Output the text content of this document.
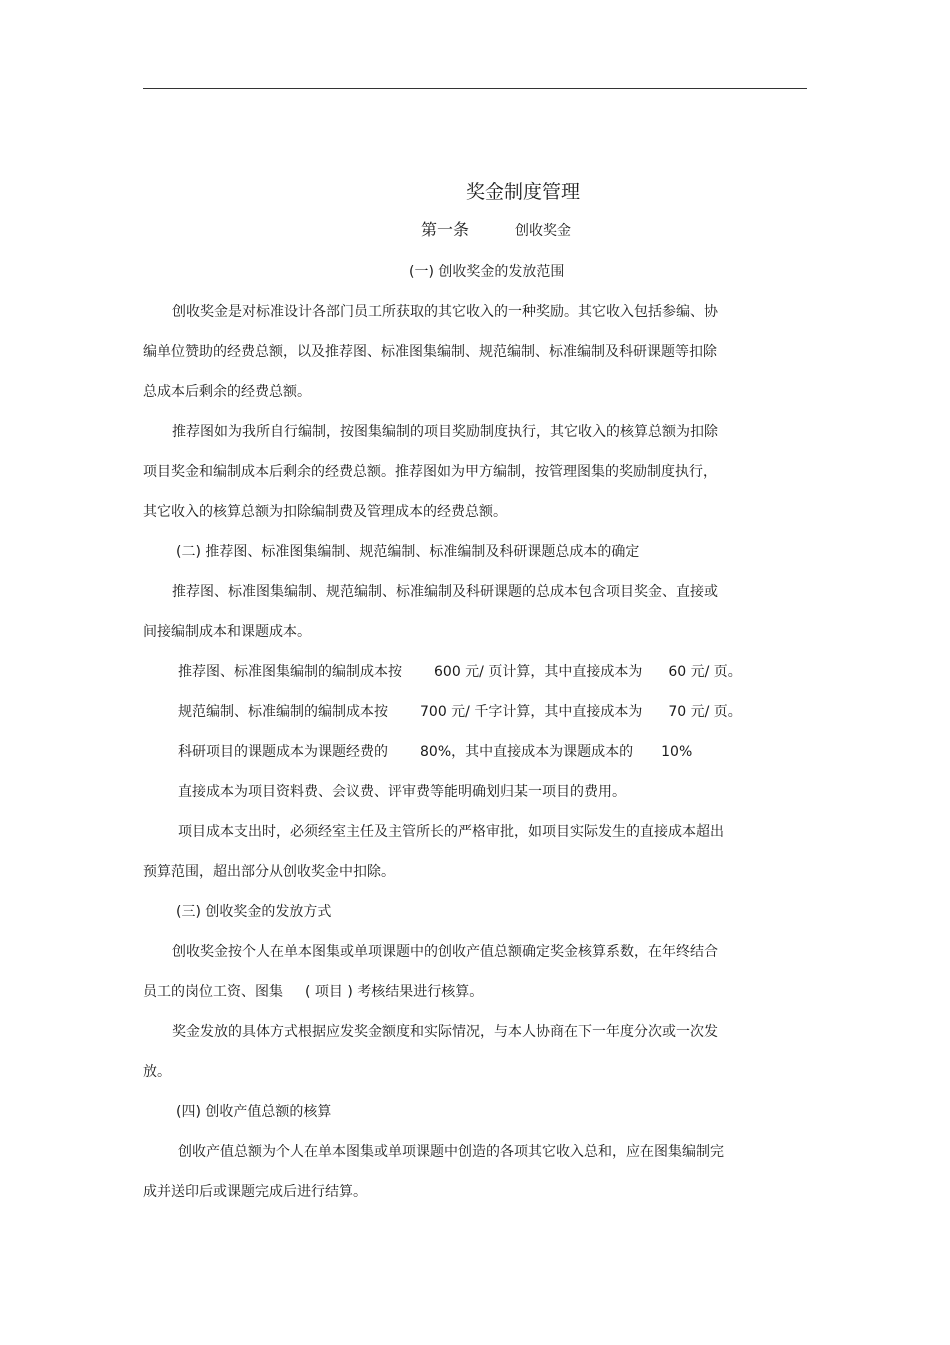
奖金制度管理
第一条	创收奖金
(一) 创收奖金的发放范围
创收奖金是对标准设计各部门员工所获取的其它收入的一种奖励。其它收入包括参编、协
编单位赞助的经费总额，以及推荐图、标准图集编制、规范编制、标准编制及科研课题等扣除
总成本后剩余的经费总额。
推荐图如为我所自行编制，按图集编制的项目奖励制度执行，其它收入的核算总额为扣除
项目奖金和编制成本后剩余的经费总额。推荐图如为甲方编制，按管理图集的奖励制度执行，
其它收入的核算总额为扣除编制费及管理成本的经费总额。
(二) 推荐图、标准图集编制、规范编制、标准编制及科研课题总成本的确定
推荐图、标准图集编制、规范编制、标准编制及科研课题的总成本包含项目奖金、直接或
间接编制成本和课题成本。
推荐图、标准图集编制的编制成本按 600 元/ 页计算，其中直接成本为 60 元/ 页。
规范编制、标准编制的编制成本按 700 元/ 千字计算，其中直接成本为 70 元/ 页。
科研项目的课题成本为课题经费的 80%，其中直接成本为课题成本的 10%
直接成本为项目资料费、会议费、评审费等能明确划归某一项目的费用。
项目成本支出时，必须经室主任及主管所长的严格审批，如项目实际发生的直接成本超出
预算范围，超出部分从创收奖金中扣除。
(三) 创收奖金的发放方式
创收奖金按个人在单本图集或单项课题中的创收产值总额确定奖金核算系数，在年终结合
员工的岗位工资、图集 ( 项目 ) 考核结果进行核算。
奖金发放的具体方式根据应发奖金额度和实际情况，与本人协商在下一年度分次或一次发
放。
(四) 创收产值总额的核算
创收产值总额为个人在单本图集或单项课题中创造的各项其它收入总和，应在图集编制完
成并送印后或课题完成后进行结算。
